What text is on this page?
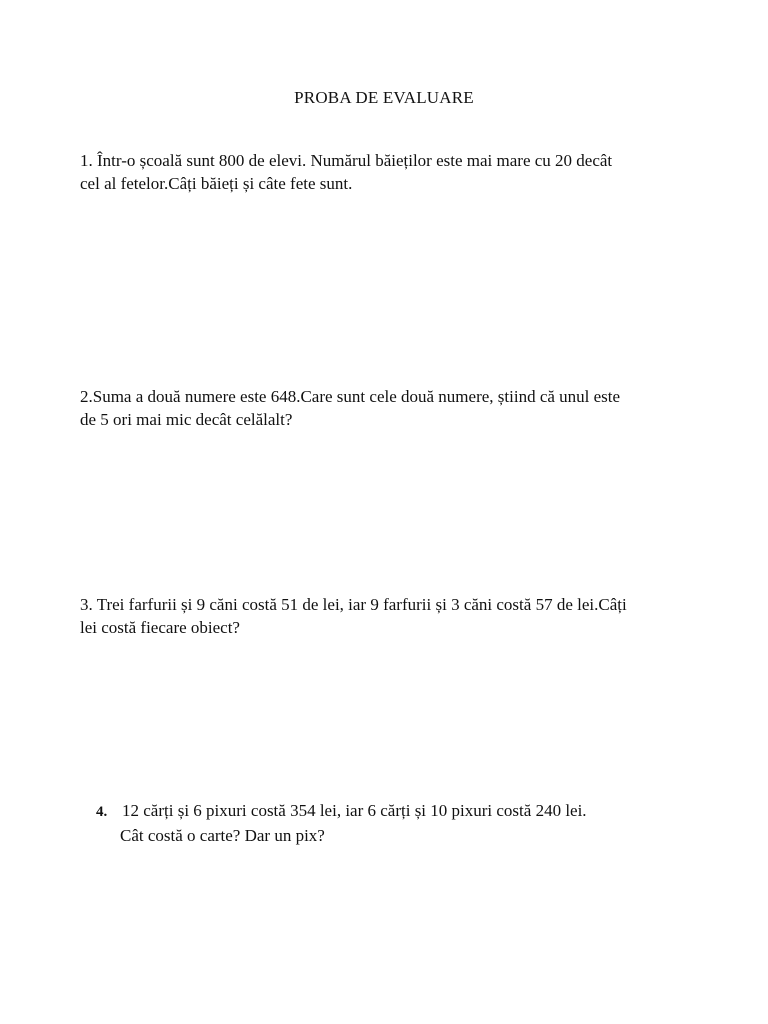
PROBA DE EVALUARE
1. Într-o școală sunt 800 de elevi. Numărul băieților este mai mare cu 20 decât
cel al fetelor.Câți băieți și câte fete sunt.
2.Suma a două numere este 648.Care sunt cele două numere, știind că unul este
de 5 ori mai mic decât celălalt?
3. Trei farfurii și 9 căni costă 51 de lei, iar 9 farfurii și 3 căni costă 57 de lei.Câți
lei costă fiecare obiect?
4. 12 cărți și 6 pixuri costă 354 lei, iar 6 cărți și 10 pixuri costă 240 lei.
Cât costă o carte? Dar un pix?
